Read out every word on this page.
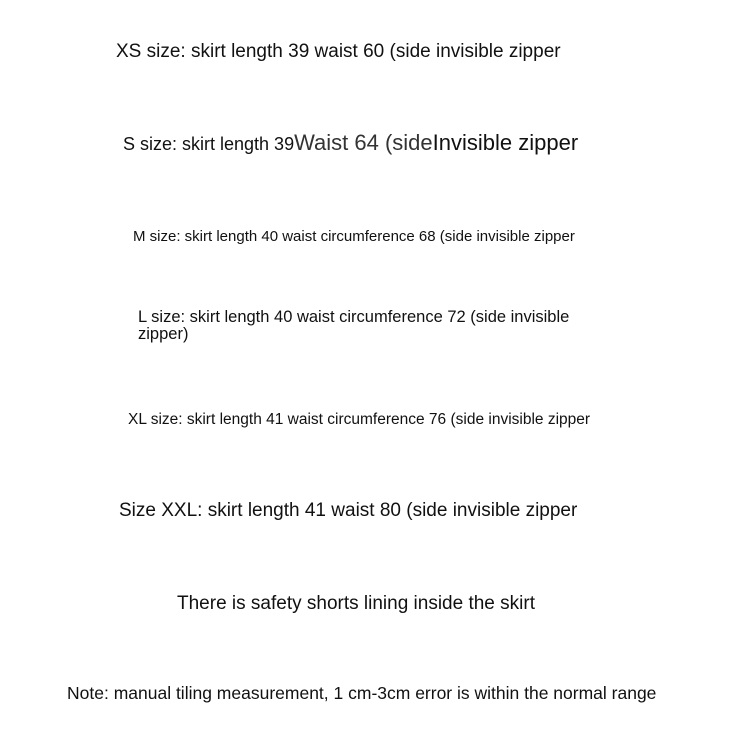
XS size: skirt length 39 waist 60 (side invisible zipper
S size: skirt length 39Waist 64 (sideInvisible zipper
M size: skirt length 40 waist circumference 68 (side invisible zipper
L size: skirt length 40 waist circumference 72 (side invisible zipper)
XL size: skirt length 41 waist circumference 76 (side invisible zipper
Size XXL: skirt length 41 waist 80 (side invisible zipper
There is safety shorts lining inside the skirt
Note: manual tiling measurement, 1 cm-3cm error is within the normal range
